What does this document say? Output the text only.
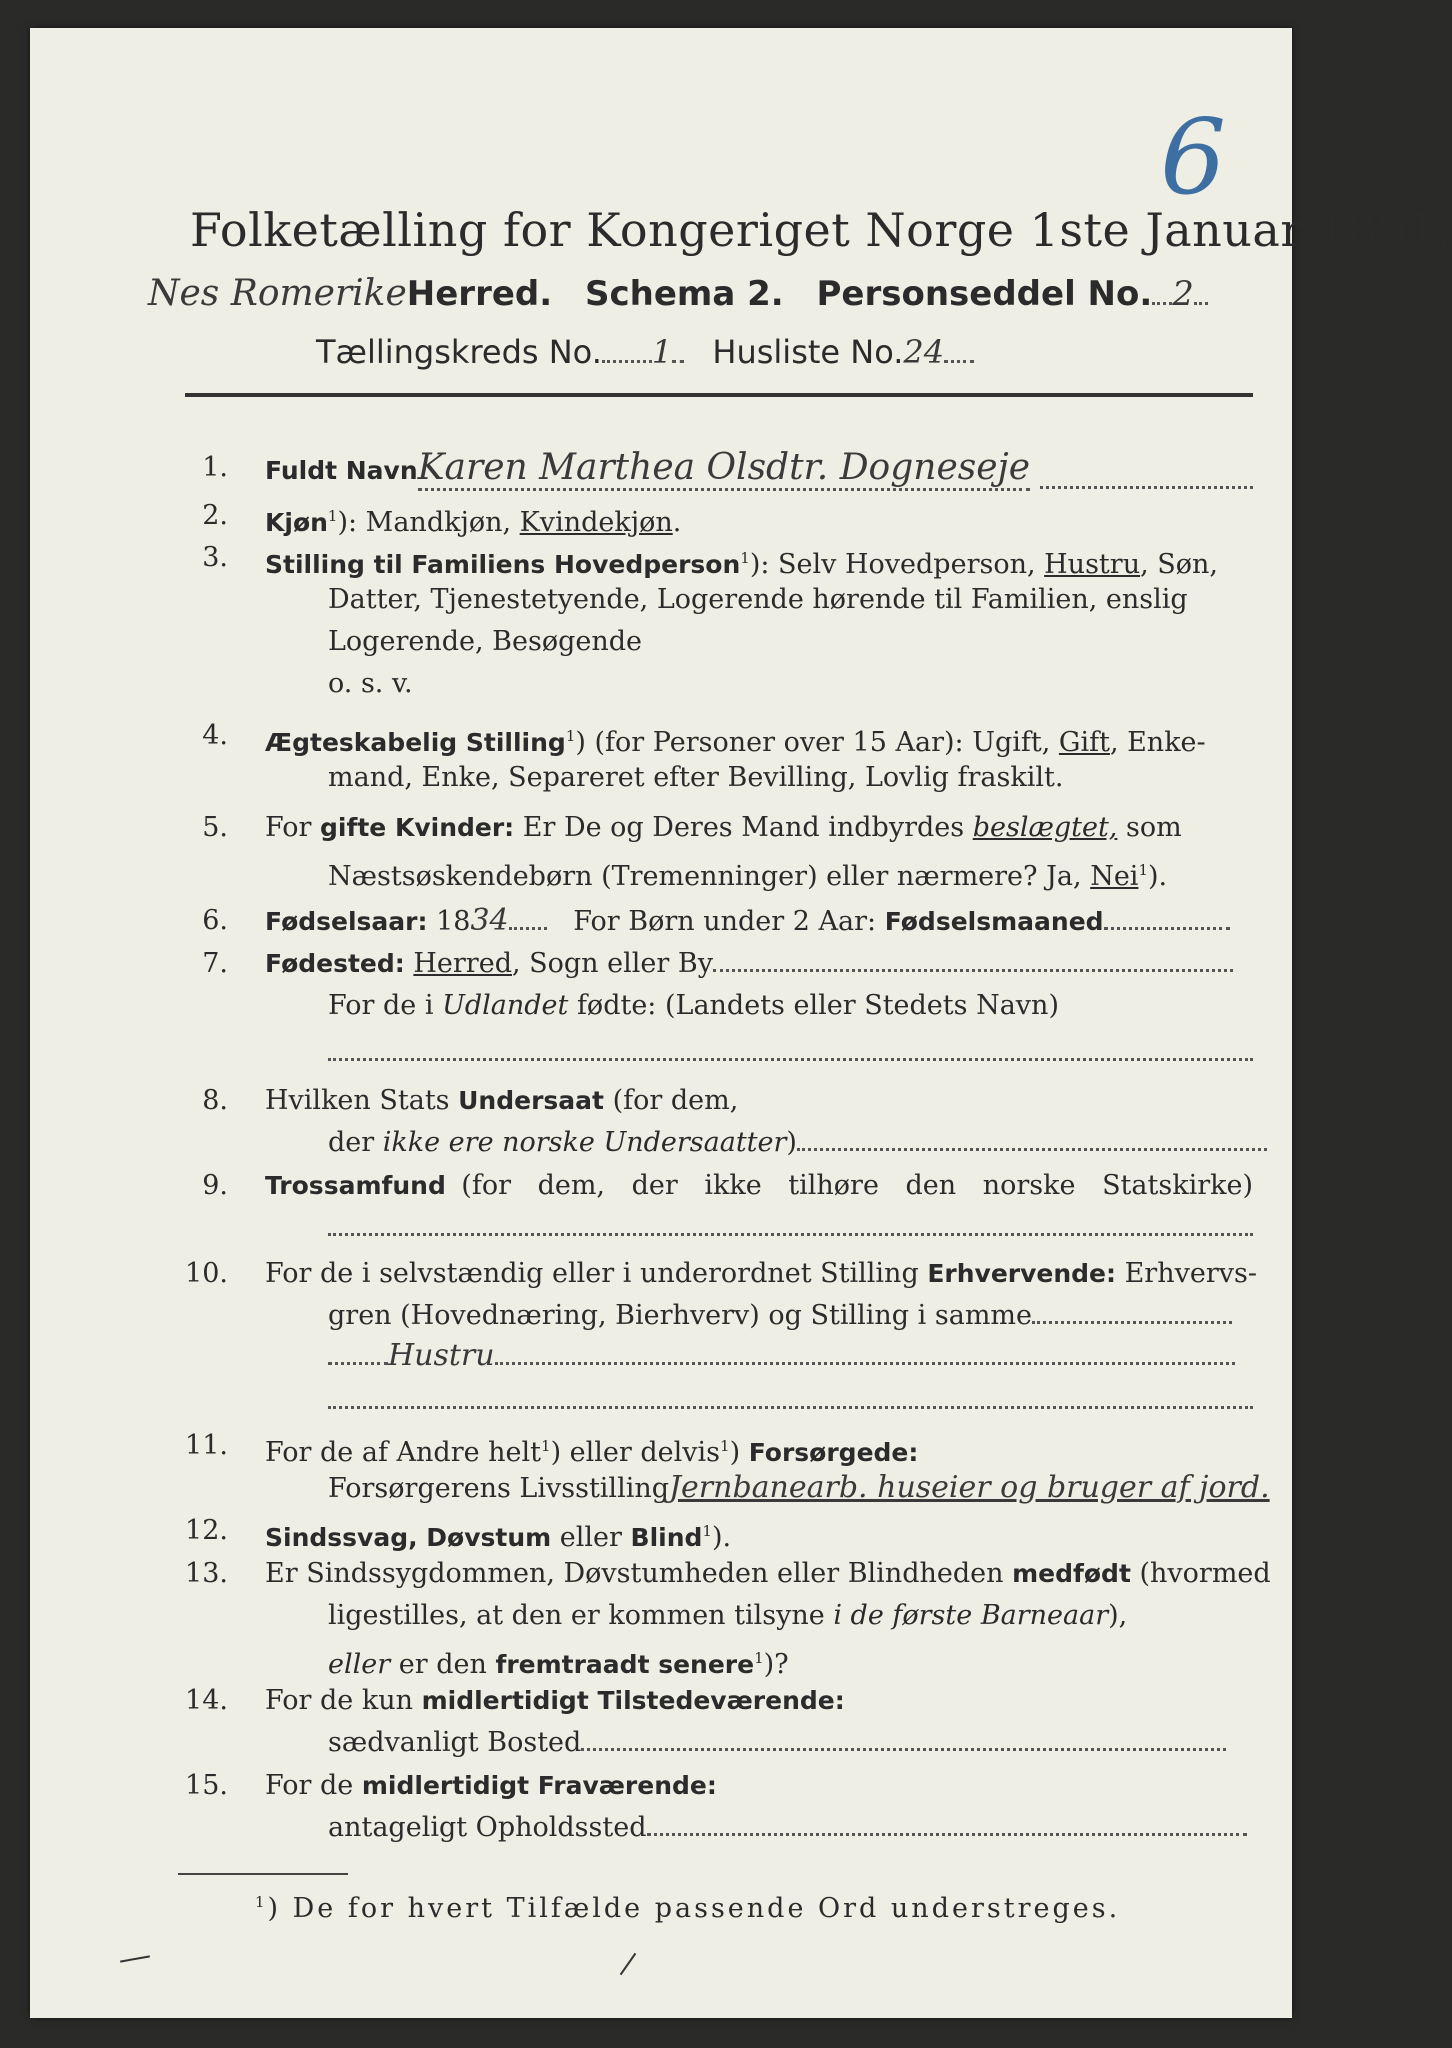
6
Folketælling for Kongeriget Norge 1ste Januar 1891.
Nes RomerikeHerred. Schema 2. Personseddel No. 2
Tællingskreds No. 1 Husliste No.24
1. Fuldt NavnKaren Marthea Olsdtr. Dogneseje
2. Kjøn$^1$): Mandkjøn, Kvindekjøn.
3. Stilling til Familiens Hovedperson$^1$): Selv Hovedperson, Hustru, Søn,
Datter, Tjenestetyende, Logerende hørende til Familien, enslig
Logerende, Besøgende
o. s. v.
4. Ægteskabelig Stilling$^1$) (for Personer over 15 Aar): Ugift, Gift, Enke-
mand, Enke, Separeret efter Bevilling, Lovlig fraskilt.
5. For gifte Kvinder: Er De og Deres Mand indbyrdes beslægtet, som
Næstsøskendebørn (Tremenninger) eller nærmere? Ja, Nei$^1$).
6. Fødselsaar: 1834 For Børn under 2 Aar: Fødselsmaaned
7. Fødested: Herred, Sogn eller By
For de i Udlandet fødte: (Landets eller Stedets Navn)
8. Hvilken Stats Undersaat (for dem,
der ikke ere norske Undersaatter)
9. Trossamfund (for dem, der ikke tilhøre den norske Statskirke)
10. For de i selvstændig eller i underordnet Stilling Erhvervende: Erhvervs-
gren (Hovednæring, Bierhverv) og Stilling i samme
Hustru
11. For de af Andre helt$^1$) eller delvis$^1$) Forsørgede:
Forsørgerens LivsstillingJernbanearb. huseier og bruger af jord.
12. Sindssvag, Døvstum eller Blind$^1$).
13. Er Sindssygdommen, Døvstumheden eller Blindheden medfødt (hvormed
ligestilles, at den er kommen tilsyne i de første Barneaar),
eller er den fremtraadt senere$^1$)?
14. For de kun midlertidigt Tilstedeværende:
sædvanligt Bosted
15. For de midlertidigt Fraværende:
antageligt Opholdssted
$^1$) De for hvert Tilfælde passende Ord understreges.
